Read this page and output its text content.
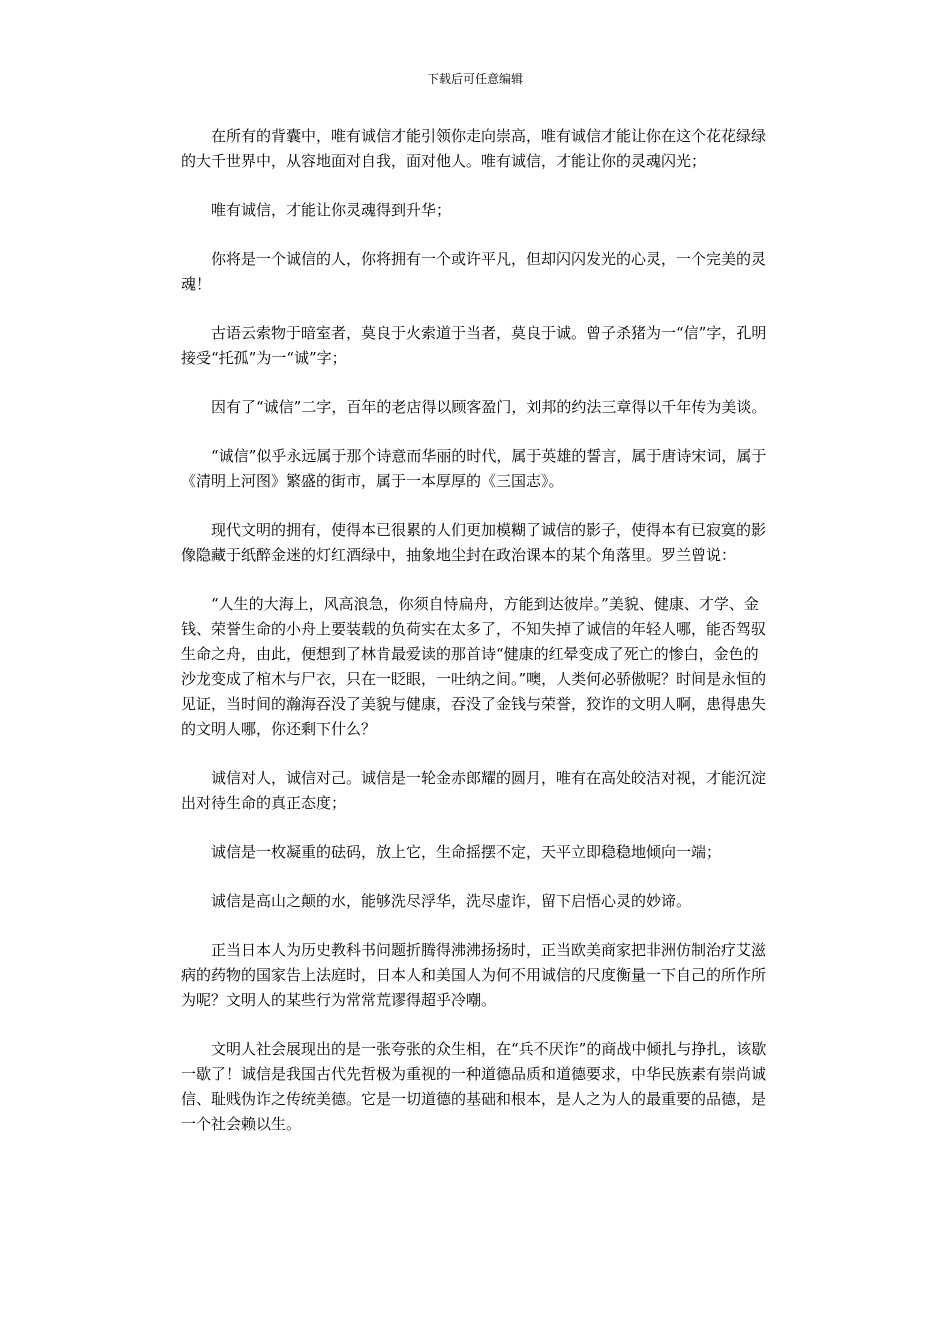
下载后可任意编辑

在所有的背囊中，唯有诚信才能引领你走向崇高，唯有诚信才能让你在这个花花绿绿的大千世界中，从容地面对自我，面对他人。唯有诚信，才能让你的灵魂闪光；

唯有诚信，才能让你灵魂得到升华；

你将是一个诚信的人，你将拥有一个或许平凡，但却闪闪发光的心灵，一个完美的灵魂！

古语云索物于暗室者，莫良于火索道于当者，莫良于诚。曾子杀猪为一“信”字，孔明接受“托孤”为一“诚”字；

因有了“诚信”二字，百年的老店得以顾客盈门，刘邦的约法三章得以千年传为美谈。

“诚信”似乎永远属于那个诗意而华丽的时代，属于英雄的誓言，属于唐诗宋词，属于《清明上河图》繁盛的街市，属于一本厚厚的《三国志》。

现代文明的拥有，使得本已很累的人们更加模糊了诚信的影子，使得本有已寂寞的影像隐藏于纸醉金迷的灯红酒绿中，抽象地尘封在政治课本的某个角落里。罗兰曾说：

“人生的大海上，风高浪急，你须自恃扁舟，方能到达彼岸。”美貌、健康、才学、金钱、荣誉生命的小舟上要装载的负荷实在太多了，不知失掉了诚信的年轻人哪，能否驾驭生命之舟，由此，便想到了林肯最爱读的那首诗“健康的红晕变成了死亡的惨白，金色的沙龙变成了棺木与尸衣，只在一眨眼，一吐纳之间。”噢，人类何必骄傲呢？时间是永恒的见证，当时间的瀚海吞没了美貌与健康，吞没了金钱与荣誉，狡诈的文明人啊，患得患失的文明人哪，你还剩下什么？

诚信对人，诚信对己。诚信是一轮金赤郎耀的圆月，唯有在高处皎洁对视，才能沉淀出对待生命的真正态度；

诚信是一枚凝重的砝码，放上它，生命摇摆不定，天平立即稳稳地倾向一端；

诚信是高山之颠的水，能够洗尽浮华，洗尽虚诈，留下启悟心灵的妙谛。

正当日本人为历史教科书问题折腾得沸沸扬扬时，正当欧美商家把非洲仿制治疗艾滋病的药物的国家告上法庭时，日本人和美国人为何不用诚信的尺度衡量一下自己的所作所为呢？文明人的某些行为常常荒谬得超乎冷嘲。

文明人社会展现出的是一张夸张的众生相，在“兵不厌诈”的商战中倾扎与挣扎，该歇一歇了！诚信是我国古代先哲极为重视的一种道德品质和道德要求，中华民族素有崇尚诚信、耻贱伪诈之传统美德。它是一切道德的基础和根本，是人之为人的最重要的品德，是一个社会赖以生。
